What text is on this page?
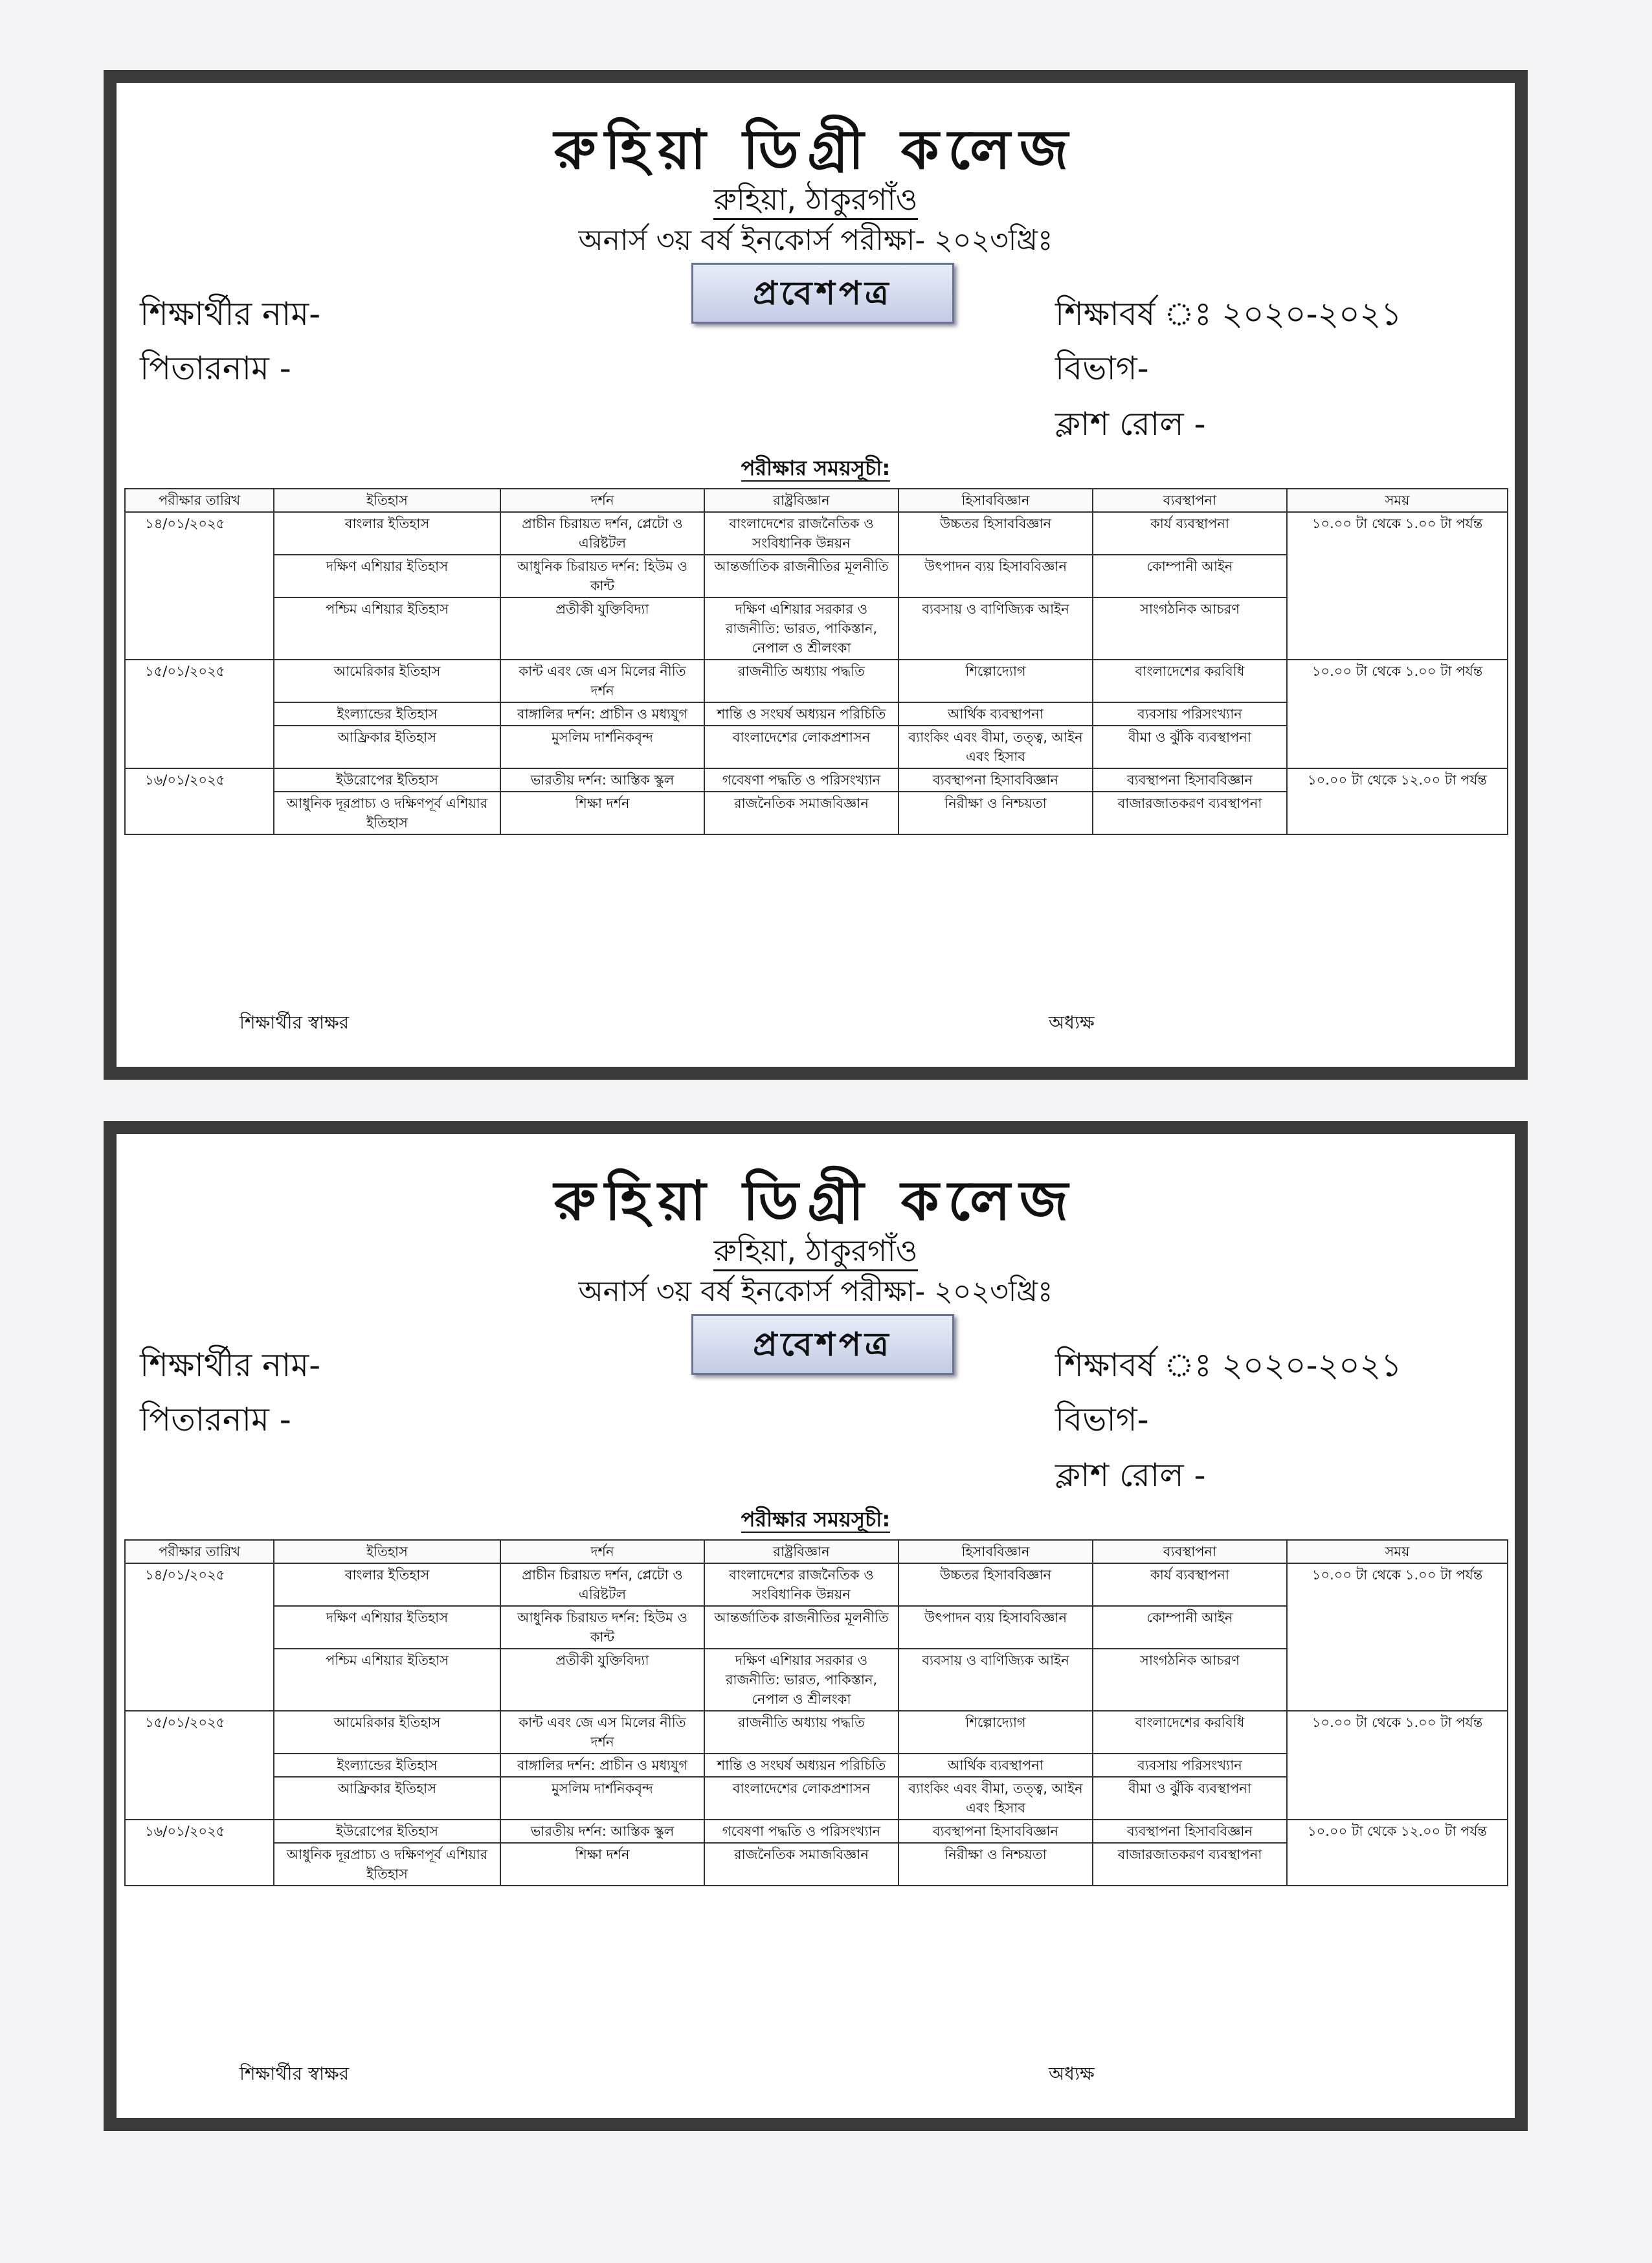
রুহিয়া ডিগ্রী কলেজ
রুহিয়া, ঠাকুরগাঁও
অনার্স ৩য় বর্ষ ইনকোর্স পরীক্ষা- ২০২৩খ্রিঃ
প্রবেশপত্র
শিক্ষার্থীর নাম-
পিতারনাম -
শিক্ষাবর্ষ ঃ ২০২০-২০২১
বিভাগ-
ক্লাশ রোল -
পরীক্ষার সময়সূচী:
পরীক্ষার তারিখ	ইতিহাস	দর্শন	রাষ্ট্রবিজ্ঞান	হিসাববিজ্ঞান	ব্যবস্থাপনা	সময়
১৪/০১/২০২৫	বাংলার ইতিহাস	প্রাচীন চিরায়ত দর্শন, প্লেটো ও এরিষ্টটল	বাংলাদেশের রাজনৈতিক ও সংবিধানিক উন্নয়ন	উচ্চতর হিসাববিজ্ঞান	কার্য ব্যবস্থাপনা	১০.০০ টা থেকে ১.০০ টা পর্যন্ত
	দক্ষিণ এশিয়ার ইতিহাস	আধুনিক চিরায়ত দর্শন: হিউম ও কান্ট	আন্তর্জাতিক রাজনীতির মূলনীতি	উৎপাদন ব্যয় হিসাববিজ্ঞান	কোম্পানী আইন	
	পশ্চিম এশিয়ার ইতিহাস	প্রতীকী যুক্তিবিদ্যা	দক্ষিণ এশিয়ার সরকার ও রাজনীতি: ভারত, পাকিস্তান, নেপাল ও শ্রীলংকা	ব্যবসায় ও বাণিজ্যিক আইন	সাংগঠনিক আচরণ	
১৫/০১/২০২৫	আমেরিকার ইতিহাস	কান্ট এবং জে এস মিলের নীতি দর্শন	রাজনীতি অধ্যায় পদ্ধতি	শিল্পোদ্যোগ	বাংলাদেশের করবিধি	১০.০০ টা থেকে ১.০০ টা পর্যন্ত
	ইংল্যান্ডের ইতিহাস	বাঙ্গালির দর্শন: প্রাচীন ও মধ্যযুগ	শান্তি ও সংঘর্ষ অধ্যয়ন পরিচিতি	আর্থিক ব্যবস্থাপনা	ব্যবসায় পরিসংখ্যান	
	আফ্রিকার ইতিহাস	মুসলিম দার্শনিকবৃন্দ	বাংলাদেশের লোকপ্রশাসন	ব্যাংকিং এবং বীমা, তত্ত্ব, আইন এবং হিসাব	বীমা ও ঝুঁকি ব্যবস্থাপনা	
১৬/০১/২০২৫	ইউরোপের ইতিহাস	ভারতীয় দর্শন: আস্তিক স্কুল	গবেষণা পদ্ধতি ও পরিসংখ্যান	ব্যবস্থাপনা হিসাববিজ্ঞান	ব্যবস্থাপনা হিসাববিজ্ঞান	১০.০০ টা থেকে ১২.০০ টা পর্যন্ত
	আধুনিক দূরপ্রাচ্য ও দক্ষিণপূর্ব এশিয়ার ইতিহাস	শিক্ষা দর্শন	রাজনৈতিক সমাজবিজ্ঞান	নিরীক্ষা ও নিশ্চয়তা	বাজারজাতকরণ ব্যবস্থাপনা	
শিক্ষার্থীর স্বাক্ষর	অধ্যক্ষ
রুহিয়া ডিগ্রী কলেজ
রুহিয়া, ঠাকুরগাঁও
অনার্স ৩য় বর্ষ ইনকোর্স পরীক্ষা- ২০২৩খ্রিঃ
প্রবেশপত্র
শিক্ষার্থীর নাম-
পিতারনাম -
শিক্ষাবর্ষ ঃ ২০২০-২০২১
বিভাগ-
ক্লাশ রোল -
পরীক্ষার সময়সূচী:
পরীক্ষার তারিখ	ইতিহাস	দর্শন	রাষ্ট্রবিজ্ঞান	হিসাববিজ্ঞান	ব্যবস্থাপনা	সময়
১৪/০১/২০২৫	বাংলার ইতিহাস	প্রাচীন চিরায়ত দর্শন, প্লেটো ও এরিষ্টটল	বাংলাদেশের রাজনৈতিক ও সংবিধানিক উন্নয়ন	উচ্চতর হিসাববিজ্ঞান	কার্য ব্যবস্থাপনা	১০.০০ টা থেকে ১.০০ টা পর্যন্ত
	দক্ষিণ এশিয়ার ইতিহাস	আধুনিক চিরায়ত দর্শন: হিউম ও কান্ট	আন্তর্জাতিক রাজনীতির মূলনীতি	উৎপাদন ব্যয় হিসাববিজ্ঞান	কোম্পানী আইন	
	পশ্চিম এশিয়ার ইতিহাস	প্রতীকী যুক্তিবিদ্যা	দক্ষিণ এশিয়ার সরকার ও রাজনীতি: ভারত, পাকিস্তান, নেপাল ও শ্রীলংকা	ব্যবসায় ও বাণিজ্যিক আইন	সাংগঠনিক আচরণ	
১৫/০১/২০২৫	আমেরিকার ইতিহাস	কান্ট এবং জে এস মিলের নীতি দর্শন	রাজনীতি অধ্যায় পদ্ধতি	শিল্পোদ্যোগ	বাংলাদেশের করবিধি	১০.০০ টা থেকে ১.০০ টা পর্যন্ত
	ইংল্যান্ডের ইতিহাস	বাঙ্গালির দর্শন: প্রাচীন ও মধ্যযুগ	শান্তি ও সংঘর্ষ অধ্যয়ন পরিচিতি	আর্থিক ব্যবস্থাপনা	ব্যবসায় পরিসংখ্যান	
	আফ্রিকার ইতিহাস	মুসলিম দার্শনিকবৃন্দ	বাংলাদেশের লোকপ্রশাসন	ব্যাংকিং এবং বীমা, তত্ত্ব, আইন এবং হিসাব	বীমা ও ঝুঁকি ব্যবস্থাপনা	
১৬/০১/২০২৫	ইউরোপের ইতিহাস	ভারতীয় দর্শন: আস্তিক স্কুল	গবেষণা পদ্ধতি ও পরিসংখ্যান	ব্যবস্থাপনা হিসাববিজ্ঞান	ব্যবস্থাপনা হিসাববিজ্ঞান	১০.০০ টা থেকে ১২.০০ টা পর্যন্ত
	আধুনিক দূরপ্রাচ্য ও দক্ষিণপূর্ব এশিয়ার ইতিহাস	শিক্ষা দর্শন	রাজনৈতিক সমাজবিজ্ঞান	নিরীক্ষা ও নিশ্চয়তা	বাজারজাতকরণ ব্যবস্থাপনা	
শিক্ষার্থীর স্বাক্ষর	অধ্যক্ষ
